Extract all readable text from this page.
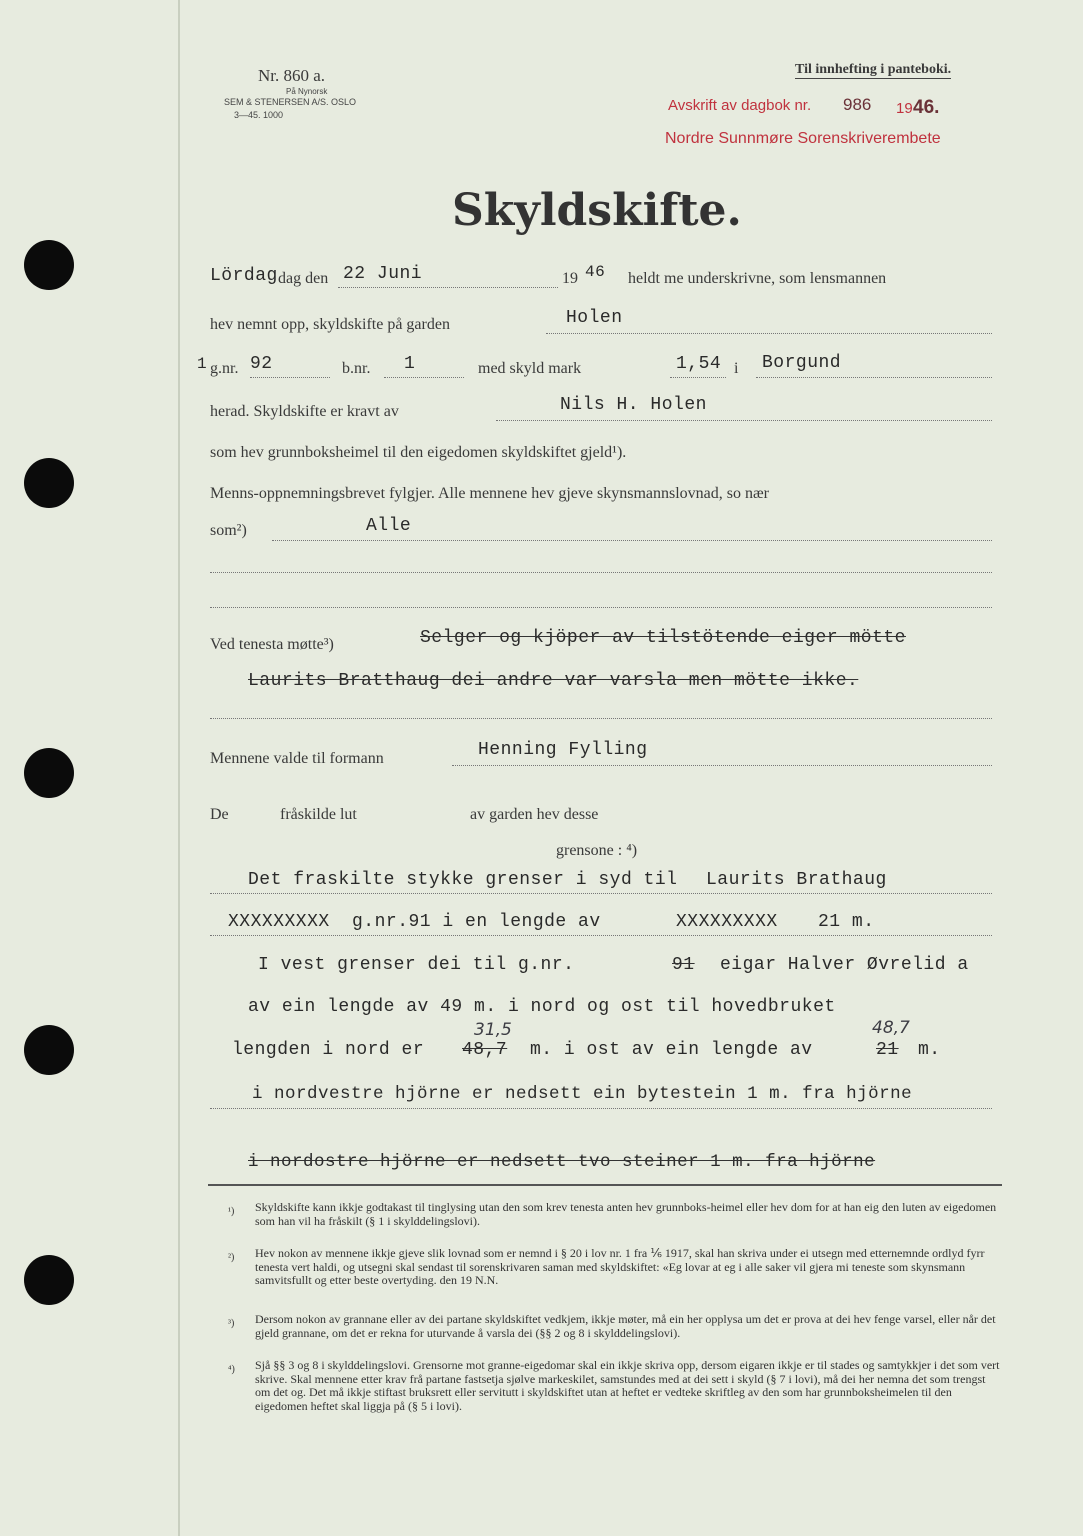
Nr. 860 a.
På Nynorsk
SEM & STENERSEN A/S. OSLO
3—45. 1000
Til innhefting i panteboki.
Avskrift av dagbok nr. 986 19 46.
Nordre Sunnmøre Sorenskriverembete
Skyldskifte.
Lördag dag den 22 Juni	19 46 heldt me underskrivne, som lensmannen
hev nemnt opp, skyldskifte på garden	Holen
1 g.nr. 92	b.nr. 1	med skyld mark	1,54 i Borgund
herad. Skyldskifte er kravt av	Nils H. Holen
som hev grunnboksheimel til den eigedomen skyldskiftet gjeld¹).
Menns-oppnemningsbrevet fylgjer. Alle mennene hev gjeve skynsmannslovnad, so nær
som²)	Alle
Ved tenesta møtte³)	Selger og kjöper av tilstötende eiger mötte
Laurits Bratthaug dei andre var varsla men mötte ikke.
Mennene valde til formann	Henning Fylling
De	fråskilde lut	av garden hev desse
grensone : ⁴)
Det fraskilte stykke grenser i syd til Laurits Brathaug
XXXXXXXXX g.nr.91 i en lengde av	XXXXXXXXX 21 m.
I vest grenser dei til g.nr.	91 eigar Halver Øvrelid a
av ein lengde av 49 m. i nord og ost til hovedbruket
31,5	48,7
lengden i nord er 48,7 m. i ost av ein lengde av	21 m.
i nordvestre hjörne er nedsett ein bytestein 1 m. fra hjörne
i nordostre hjörne er nedsett tvo steiner 1 m. fra hjörne
¹) Skyldskifte kann ikkje godtakast til tinglysing utan den som krev tenesta anten hev grunnboks-heimel eller hev dom for at han eig den luten av eigedomen som han vil ha fråskilt (§ 1 i skylddelingslovi).
²) Hev nokon av mennene ikkje gjeve slik lovnad som er nemnd i § 20 i lov nr. 1 fra ⅙ 1917, skal han skriva under ei utsegn med etternemnde ordlyd fyrr tenesta vert haldi, og utsegni skal sendast til sorenskrivaren saman med skyldskiftet: «Eg lovar at eg i alle saker vil gjera mi teneste som skynsmann samvitsfullt og etter beste overtyding. den 19 N.N.
³) Dersom nokon av grannane eller av dei partane skyldskiftet vedkjem, ikkje møter, må ein her opplysa um det er prova at dei hev fenge varsel, eller når det gjeld grannane, om det er rekna for uturvande å varsla dei (§§ 2 og 8 i skylddelingslovi).
⁴) Sjå §§ 3 og 8 i skylddelingslovi. Grensorne mot granne-eigedomar skal ein ikkje skriva opp, dersom eigaren ikkje er til stades og samtykkjer i det som vert skrive. Skal mennene etter krav frå partane fastsetja sjølve markeskilet, samstundes med at dei sett i skyld (§ 7 i lovi), må dei her nemna det som trengst om det og. Det må ikkje stiftast bruksrett eller servitutt i skyldskiftet utan at heftet er vedteke skriftleg av den som har grunnboksheimelen til den eigedomen heftet skal liggja på (§ 5 i lovi).
